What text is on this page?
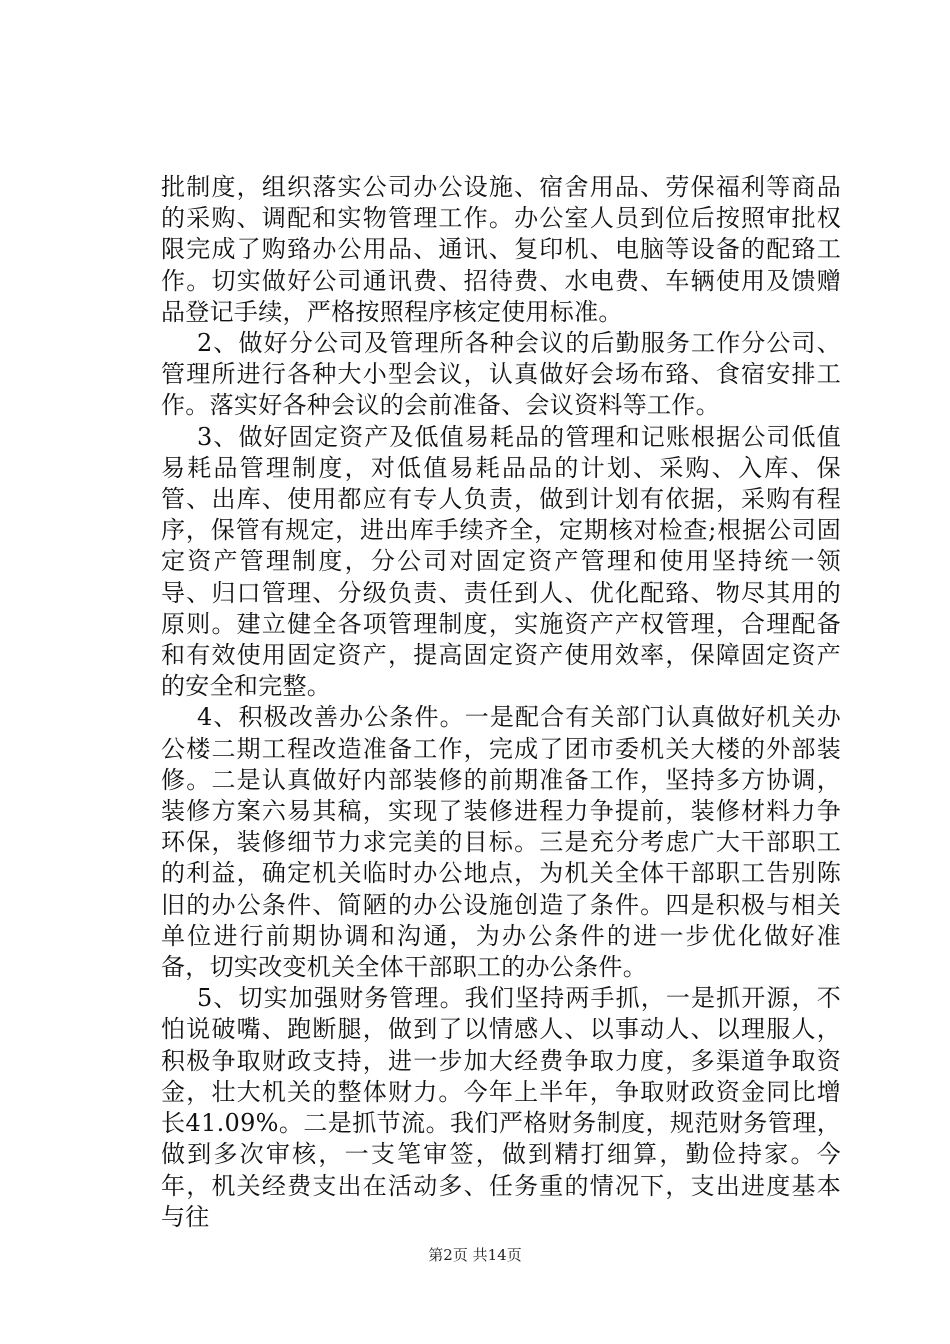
批制度，组织落实公司办公设施、宿舍用品、劳保福利等商品的采购、调配和实物管理工作。办公室人员到位后按照审批权限完成了购臵办公用品、通讯、复印机、电脑等设备的配臵工作。切实做好公司通讯费、招待费、水电费、车辆使用及馈赠品登记手续，严格按照程序核定使用标准。

2、做好分公司及管理所各种会议的后勤服务工作分公司、管理所进行各种大小型会议，认真做好会场布臵、食宿安排工作。落实好各种会议的会前准备、会议资料等工作。

3、做好固定资产及低值易耗品的管理和记账根据公司低值易耗品管理制度，对低值易耗品品的计划、采购、入库、保管、出库、使用都应有专人负责，做到计划有依据，采购有程序，保管有规定，进出库手续齐全，定期核对检查;根据公司固定资产管理制度，分公司对固定资产管理和使用坚持统一领导、归口管理、分级负责、责任到人、优化配臵、物尽其用的原则。建立健全各项管理制度，实施资产产权管理，合理配备和有效使用固定资产，提高固定资产使用效率，保障固定资产的安全和完整。

4、积极改善办公条件。一是配合有关部门认真做好机关办公楼二期工程改造准备工作，完成了团市委机关大楼的外部装修。二是认真做好内部装修的前期准备工作，坚持多方协调，装修方案六易其稿，实现了装修进程力争提前，装修材料力争环保，装修细节力求完美的目标。三是充分考虑广大干部职工的利益，确定机关临时办公地点，为机关全体干部职工告别陈旧的办公条件、简陋的办公设施创造了条件。四是积极与相关单位进行前期协调和沟通，为办公条件的进一步优化做好准备，切实改变机关全体干部职工的办公条件。

5、切实加强财务管理。我们坚持两手抓，一是抓开源，不怕说破嘴、跑断腿，做到了以情感人、以事动人、以理服人，积极争取财政支持，进一步加大经费争取力度，多渠道争取资金，壮大机关的整体财力。今年上半年，争取财政资金同比增长41.09%。二是抓节流。我们严格财务制度，规范财务管理，做到多次审核，一支笔审签，做到精打细算，勤俭持家。今年，机关经费支出在活动多、任务重的情况下，支出进度基本与往

第2页 共14页
